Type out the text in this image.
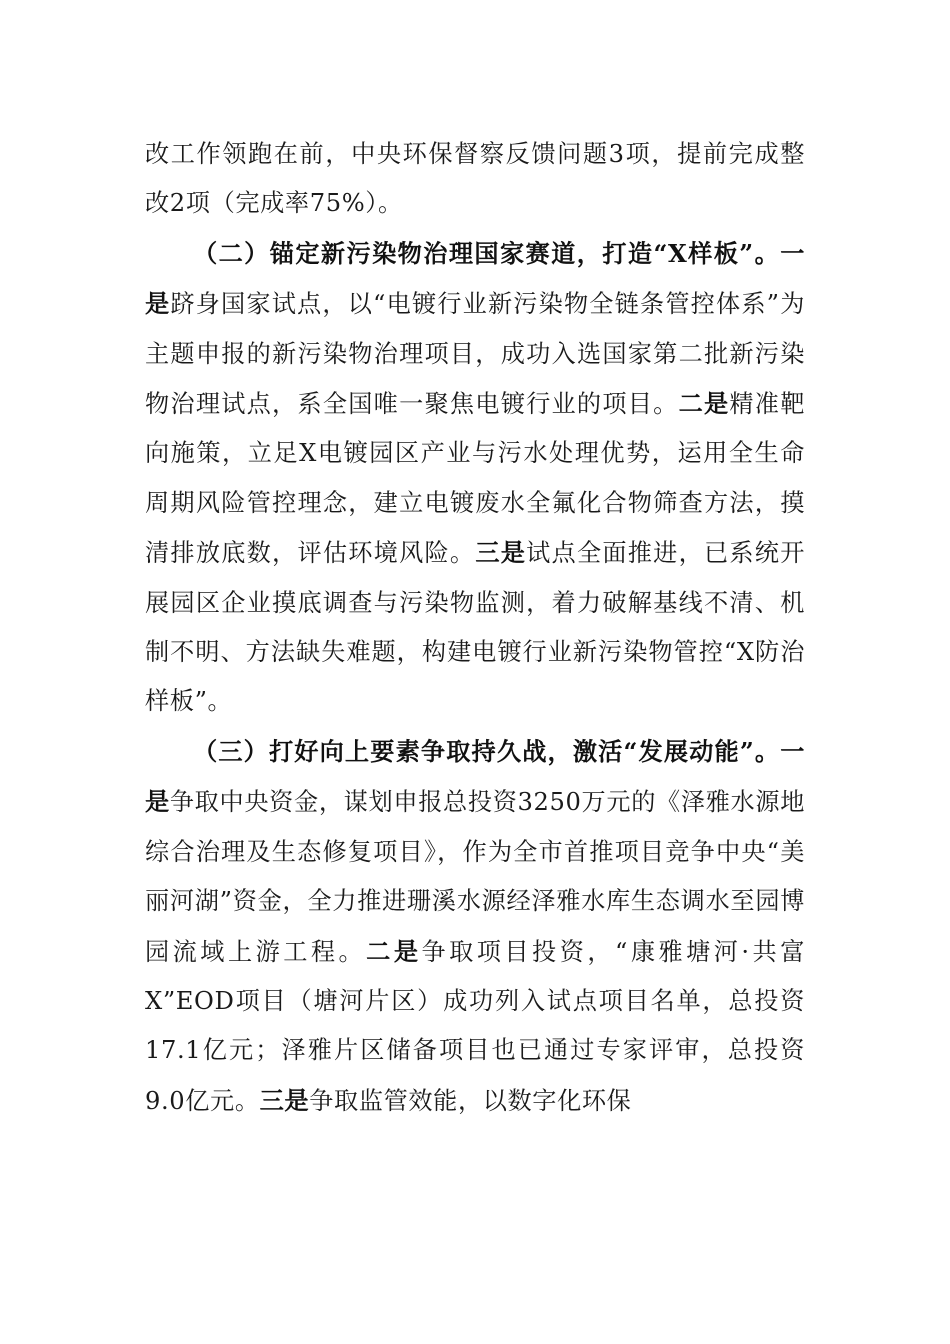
改工作领跑在前，中央环保督察反馈问题3项，提前完成整改2项（完成率75%）。

（二）锚定新污染物治理国家赛道，打造“X样板”。一是跻身国家试点，以“电镀行业新污染物全链条管控体系”为主题申报的新污染物治理项目，成功入选国家第二批新污染物治理试点，系全国唯一聚焦电镀行业的项目。二是精准靶向施策，立足X电镀园区产业与污水处理优势，运用全生命周期风险管控理念，建立电镀废水全氟化合物筛查方法，摸清排放底数，评估环境风险。三是试点全面推进，已系统开展园区企业摸底调查与污染物监测，着力破解基线不清、机制不明、方法缺失难题，构建电镀行业新污染物管控“X防治样板”。

（三）打好向上要素争取持久战，激活“发展动能”。一是争取中央资金，谋划申报总投资3250万元的《泽雅水源地综合治理及生态修复项目》，作为全市首推项目竞争中央“美丽河湖”资金，全力推进珊溪水源经泽雅水库生态调水至园博园流域上游工程。二是争取项目投资，“康雅塘河·共富X”EOD项目（塘河片区）成功列入试点项目名单，总投资17.1亿元；泽雅片区储备项目也已通过专家评审，总投资9.0亿元。三是争取监管效能，以数字化环保
